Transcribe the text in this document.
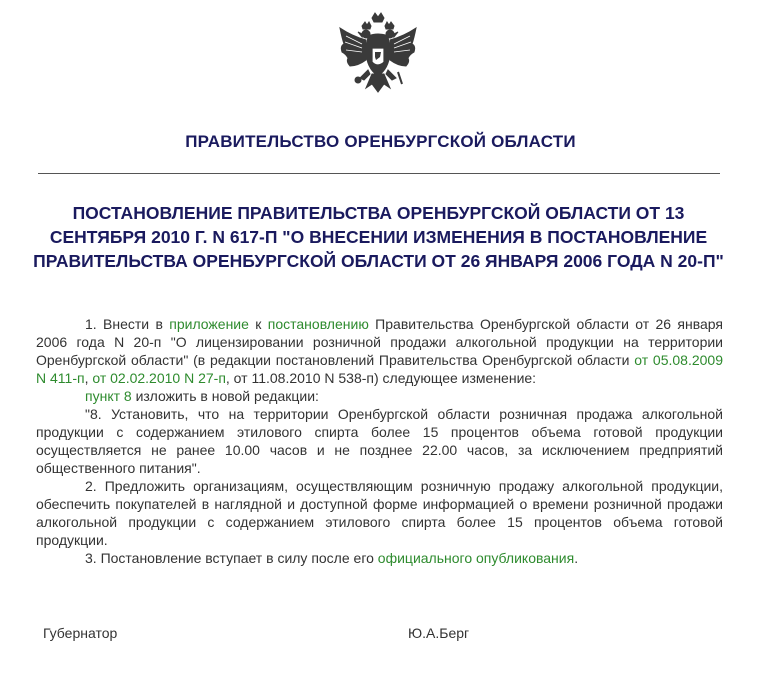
ПРАВИТЕЛЬСТВО ОРЕНБУРГСКОЙ ОБЛАСТИ
ПОСТАНОВЛЕНИЕ ПРАВИТЕЛЬСТВА ОРЕНБУРГСКОЙ ОБЛАСТИ ОТ 13 СЕНТЯБРЯ 2010 Г. N 617-П "О ВНЕСЕНИИ ИЗМЕНЕНИЯ В ПОСТАНОВЛЕНИЕ ПРАВИТЕЛЬСТВА ОРЕНБУРГСКОЙ ОБЛАСТИ ОТ 26 ЯНВАРЯ 2006 ГОДА N 20-П"

1. Внести в приложение к постановлению Правительства Оренбургской области от 26 января 2006 года N 20-п "О лицензировании розничной продажи алкогольной продукции на территории Оренбургской области" (в редакции постановлений Правительства Оренбургской области от 05.08.2009 N 411-п, от 02.02.2010 N 27-п, от 11.08.2010 N 538-п) следующее изменение:

пункт 8 изложить в новой редакции:

"8. Установить, что на территории Оренбургской области розничная продажа алкогольной продукции с содержанием этилового спирта более 15 процентов объема готовой продукции осуществляется не ранее 10.00 часов и не позднее 22.00 часов, за исключением предприятий общественного питания".

2. Предложить организациям, осуществляющим розничную продажу алкогольной продукции, обеспечить покупателей в наглядной и доступной форме информацией о времени розничной продажи алкогольной продукции с содержанием этилового спирта более 15 процентов объема готовой продукции.

3. Постановление вступает в силу после его официального опубликования.

Губернатор	Ю.А.Берг
